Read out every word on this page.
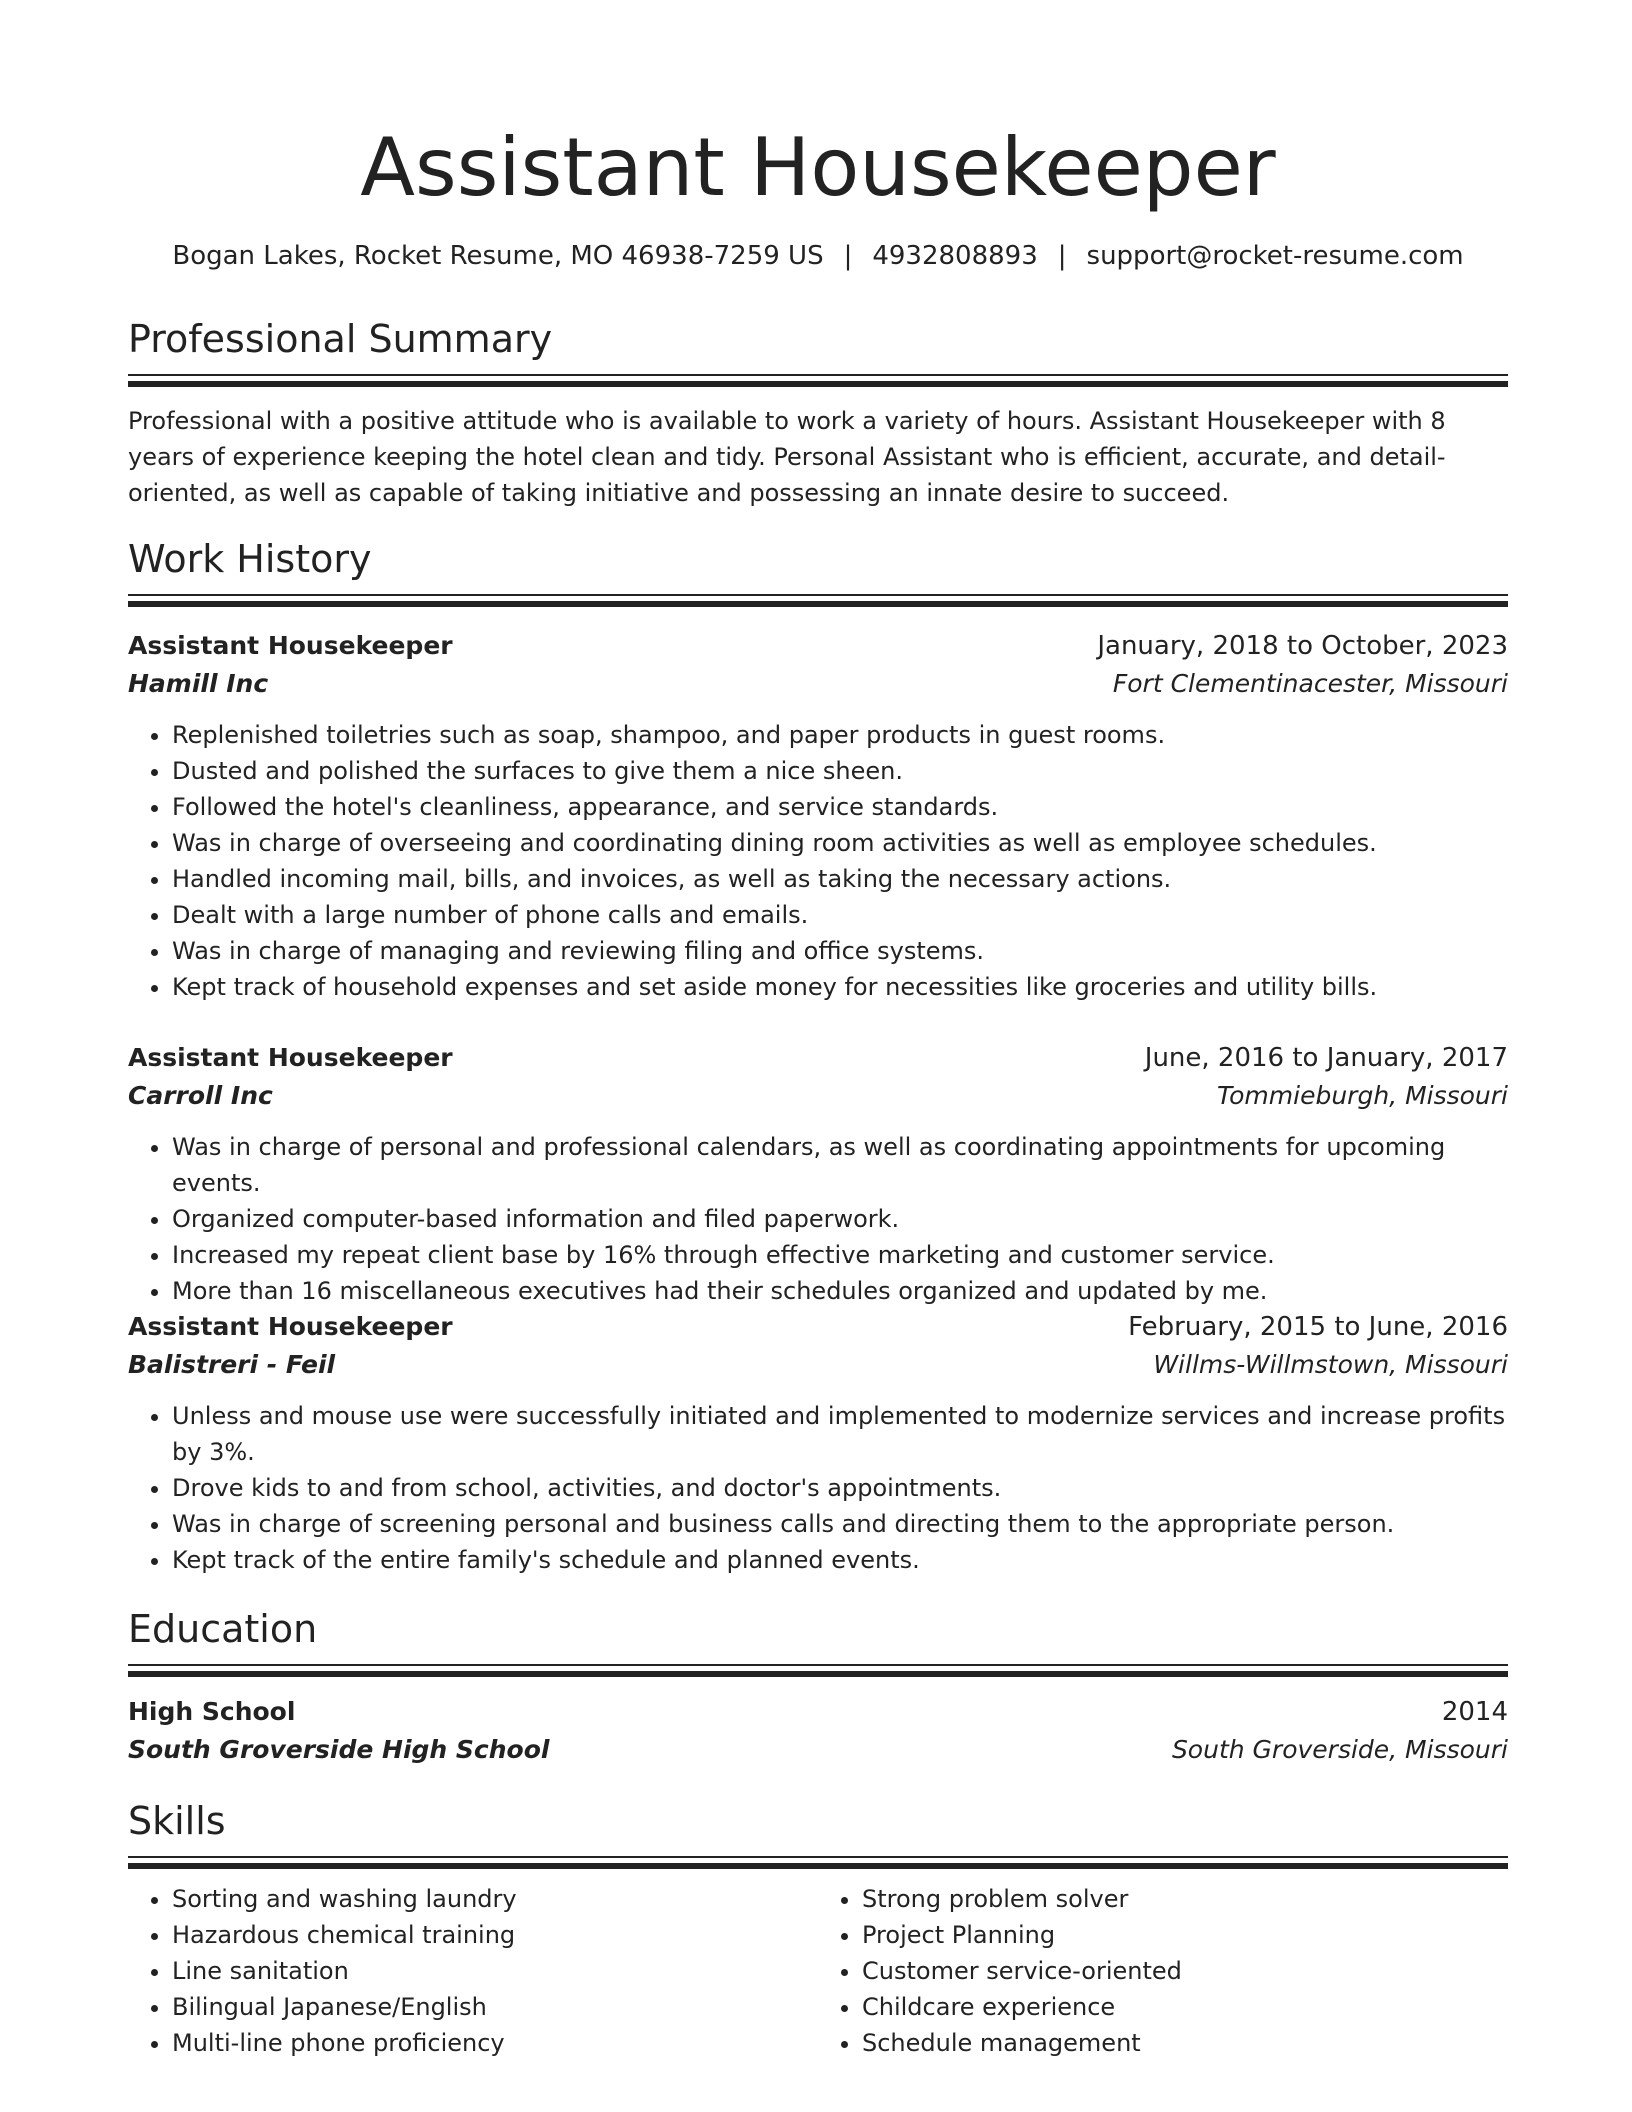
Assistant Housekeeper
Bogan Lakes, Rocket Resume, MO 46938-7259 US | 4932808893 | support@rocket-resume.com
Professional Summary
Professional with a positive attitude who is available to work a variety of hours. Assistant Housekeeper with 8 years of experience keeping the hotel clean and tidy. Personal Assistant who is efficient, accurate, and detail-oriented, as well as capable of taking initiative and possessing an innate desire to succeed.
Work History
Assistant Housekeeper	January, 2018 to October, 2023
Hamill Inc	Fort Clementinacester, Missouri
• Replenished toiletries such as soap, shampoo, and paper products in guest rooms.
• Dusted and polished the surfaces to give them a nice sheen.
• Followed the hotel's cleanliness, appearance, and service standards.
• Was in charge of overseeing and coordinating dining room activities as well as employee schedules.
• Handled incoming mail, bills, and invoices, as well as taking the necessary actions.
• Dealt with a large number of phone calls and emails.
• Was in charge of managing and reviewing filing and office systems.
• Kept track of household expenses and set aside money for necessities like groceries and utility bills.
Assistant Housekeeper	June, 2016 to January, 2017
Carroll Inc	Tommieburgh, Missouri
• Was in charge of personal and professional calendars, as well as coordinating appointments for upcoming events.
• Organized computer-based information and filed paperwork.
• Increased my repeat client base by 16% through effective marketing and customer service.
• More than 16 miscellaneous executives had their schedules organized and updated by me.
Assistant Housekeeper	February, 2015 to June, 2016
Balistreri - Feil	Willms-Willmstown, Missouri
• Unless and mouse use were successfully initiated and implemented to modernize services and increase profits by 3%.
• Drove kids to and from school, activities, and doctor's appointments.
• Was in charge of screening personal and business calls and directing them to the appropriate person.
• Kept track of the entire family's schedule and planned events.
Education
High School	2014
South Groverside High School	South Groverside, Missouri
Skills
• Sorting and washing laundry
• Hazardous chemical training
• Line sanitation
• Bilingual Japanese/English
• Multi-line phone proficiency
• Strong problem solver
• Project Planning
• Customer service-oriented
• Childcare experience
• Schedule management
